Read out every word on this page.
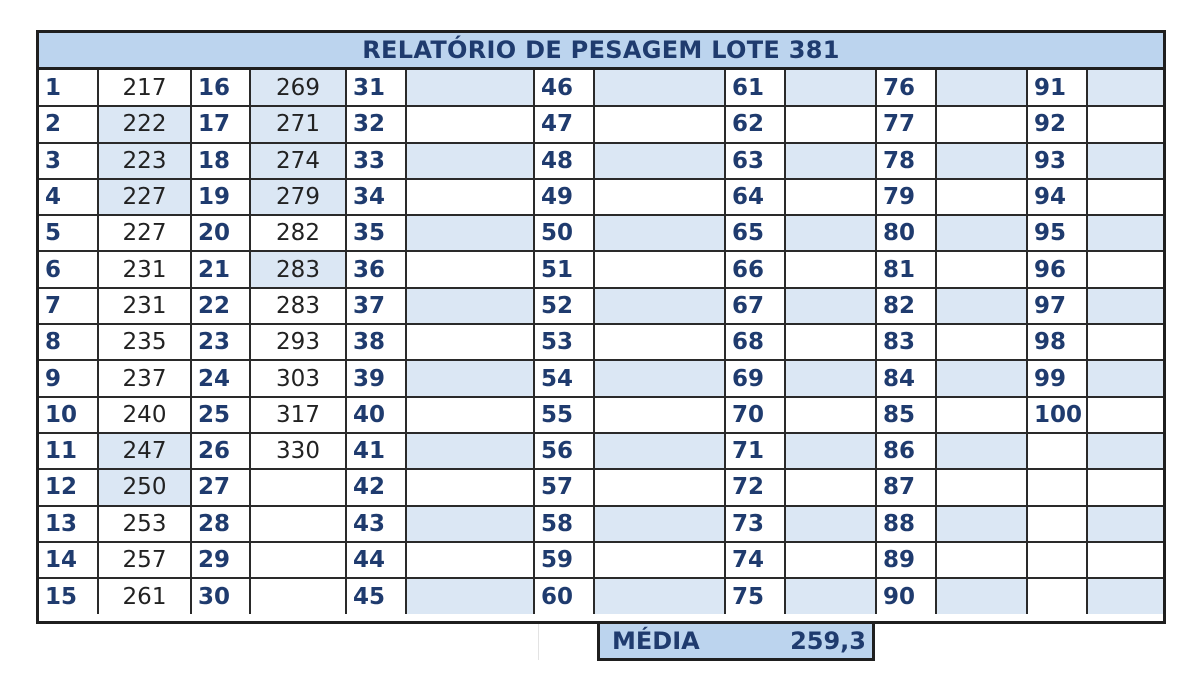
RELATÓRIO DE PESAGEM LOTE 381
1	217	16	269	31		46		61		76		91	
2	222	17	271	32		47		62		77		92	
3	223	18	274	33		48		63		78		93	
4	227	19	279	34		49		64		79		94	
5	227	20	282	35		50		65		80		95	
6	231	21	283	36		51		66		81		96	
7	231	22	283	37		52		67		82		97	
8	235	23	293	38		53		68		83		98	
9	237	24	303	39		54		69		84		99	
10	240	25	317	40		55		70		85		100	
11	247	26	330	41		56		71		86			
12	250	27		42		57		72		87			
13	253	28		43		58		73		88			
14	257	29		44		59		74		89			
15	261	30		45		60		75		90			
MÉDIA	259,3
